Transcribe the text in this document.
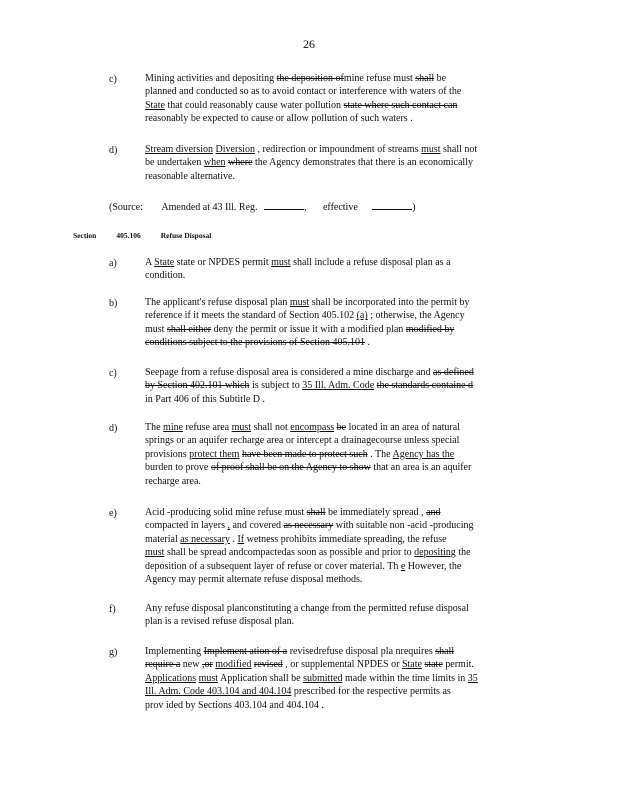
26
c)	Mining activities and depositing the deposition ofmine refuse must shall be

planned and conducted so as to avoid contact or interference with waters of the

State that could reasonably cause water pollution state where such contact can

reasonably be expected to cause or allow pollution of such waters .

d)	Stream diversion Diversion , redirection or impoundment of streams must shall not

be undertaken when where the Agency demonstrates that there is an economically

reasonable alternative.

(Source: Amended at 43 Ill. Reg.	, effective	)
Section	405.106	Refuse Disposal
a)	A State state or NPDES permit must shall include a refuse disposal plan as a

condition.

b)	The applicant's refuse disposal plan must shall be incorporated into the permit by

reference if it meets the standard of Section 405.102 (a) ; otherwise, the Agency

must shall either deny the permit or issue it with a modified plan modified by

conditions subject to the provisions of Section 405.101 .

c)	Seepage from a refuse disposal area is considered a mine discharge and as defined

by Section 402.101 which is subject to 35 Ill. Adm. Code the standards containe d

in Part 406 of this Subtitle D .

d)	The mine refuse area must shall not encompass be located in an area of natural

springs or an aquifer recharge area or intercept a drainagecourse unless special

provisions protect them have been made to protect such . The Agency has the

burden to prove of proof shall be on the Agency to show that an area is an aquifer

recharge area.

e)	Acid -producing solid mine refuse must shall be immediately spread , and

compacted in layers , and covered as necessary with suitable non -acid -producing

material as necessary . If wetness prohibits immediate spreading, the refuse

must shall be spread andcompactedas soon as possible and prior to depositing the

deposition of a subsequent layer of refuse or cover material. Th e However, the

Agency may permit alternate refuse disposal methods.

f)	Any refuse disposal planconstituting a change from the permitted refuse disposal

plan is a revised refuse disposal plan.

g)	Implementing Implement ation of a revisedrefuse disposal pla nrequires shall

require a new ,or modified revised , or supplemental NPDES or State state permit.

Applications must Application shall be submitted made within the time limits in 35

Ill. Adm. Code 403.104 and 404.104 prescribed for the respective permits as

prov ided by Sections 403.104 and 404.104 .
